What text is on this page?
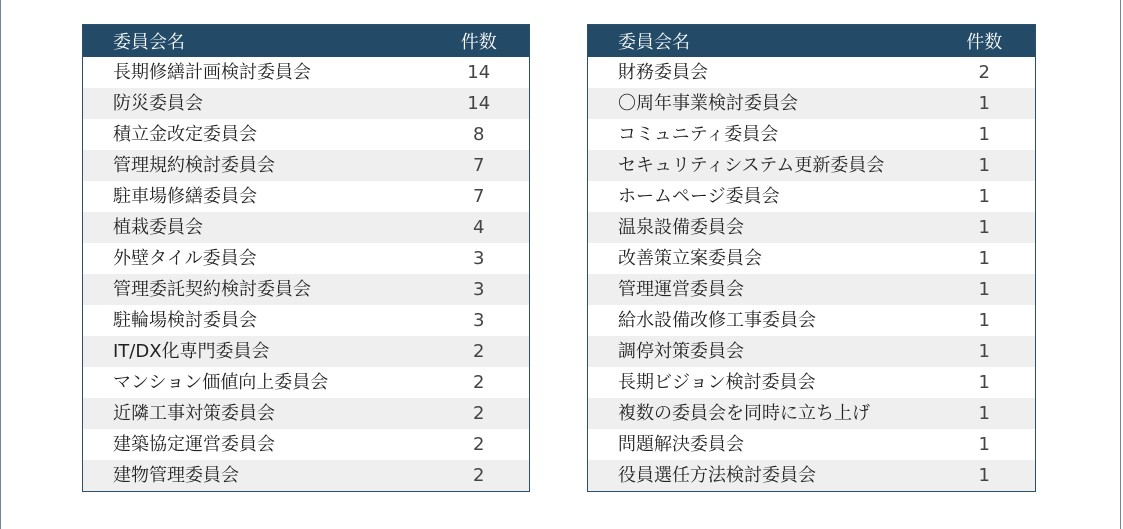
委員会名	件数
長期修繕計画検討委員会	14
防災委員会	14
積立金改定委員会	8
管理規約検討委員会	7
駐車場修繕委員会	7
植栽委員会	4
外壁タイル委員会	3
管理委託契約検討委員会	3
駐輪場検討委員会	3
IT/DX化専門委員会	2
マンション価値向上委員会	2
近隣工事対策委員会	2
建築協定運営委員会	2
建物管理委員会	2
委員会名	件数
財務委員会	2
〇周年事業検討委員会	1
コミュニティ委員会	1
セキュリティシステム更新委員会	1
ホームページ委員会	1
温泉設備委員会	1
改善策立案委員会	1
管理運営委員会	1
給水設備改修工事委員会	1
調停対策委員会	1
長期ビジョン検討委員会	1
複数の委員会を同時に立ち上げ	1
問題解決委員会	1
役員選任方法検討委員会	1
